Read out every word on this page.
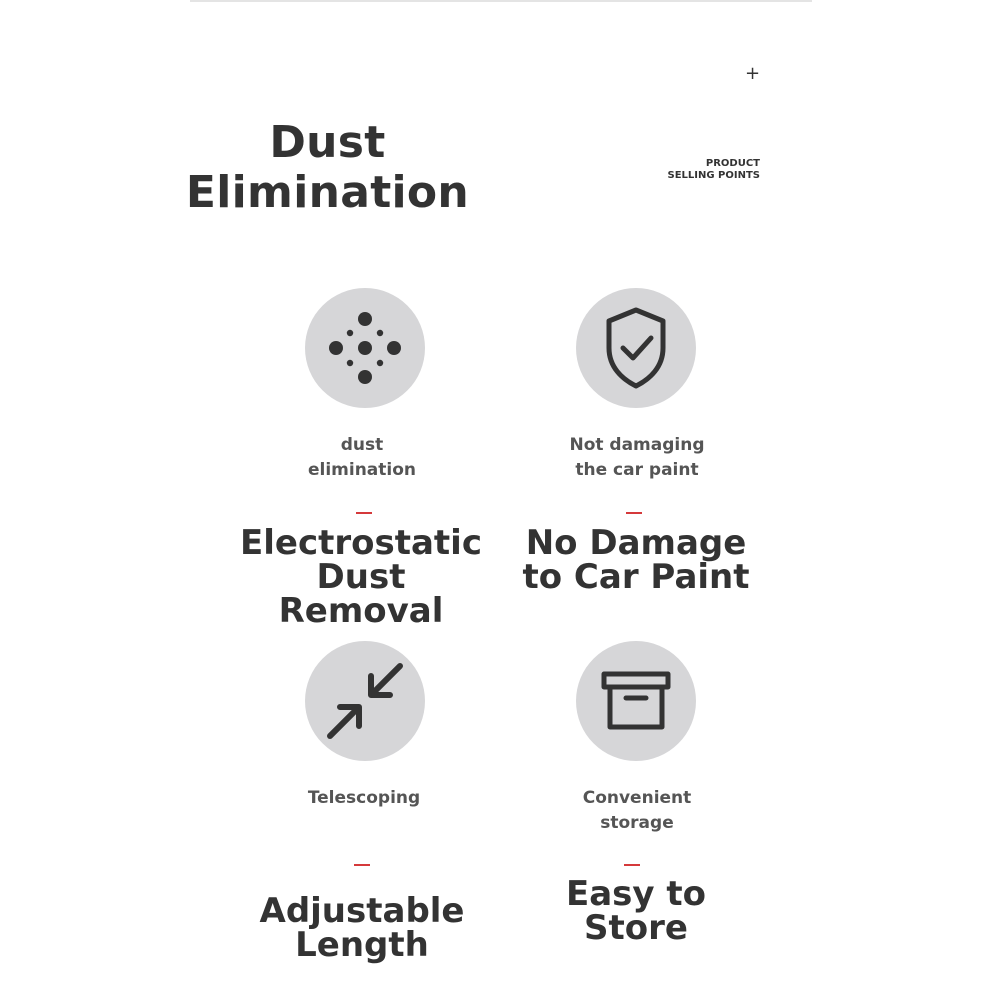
+
Dust
Elimination
PRODUCT
SELLING POINTS
dust
elimination
Electrostatic Dust
Removal
Not damaging
the car paint
No Damage
to Car Paint
Telescoping
Adjustable Length
Convenient
storage
Easy to
Store
